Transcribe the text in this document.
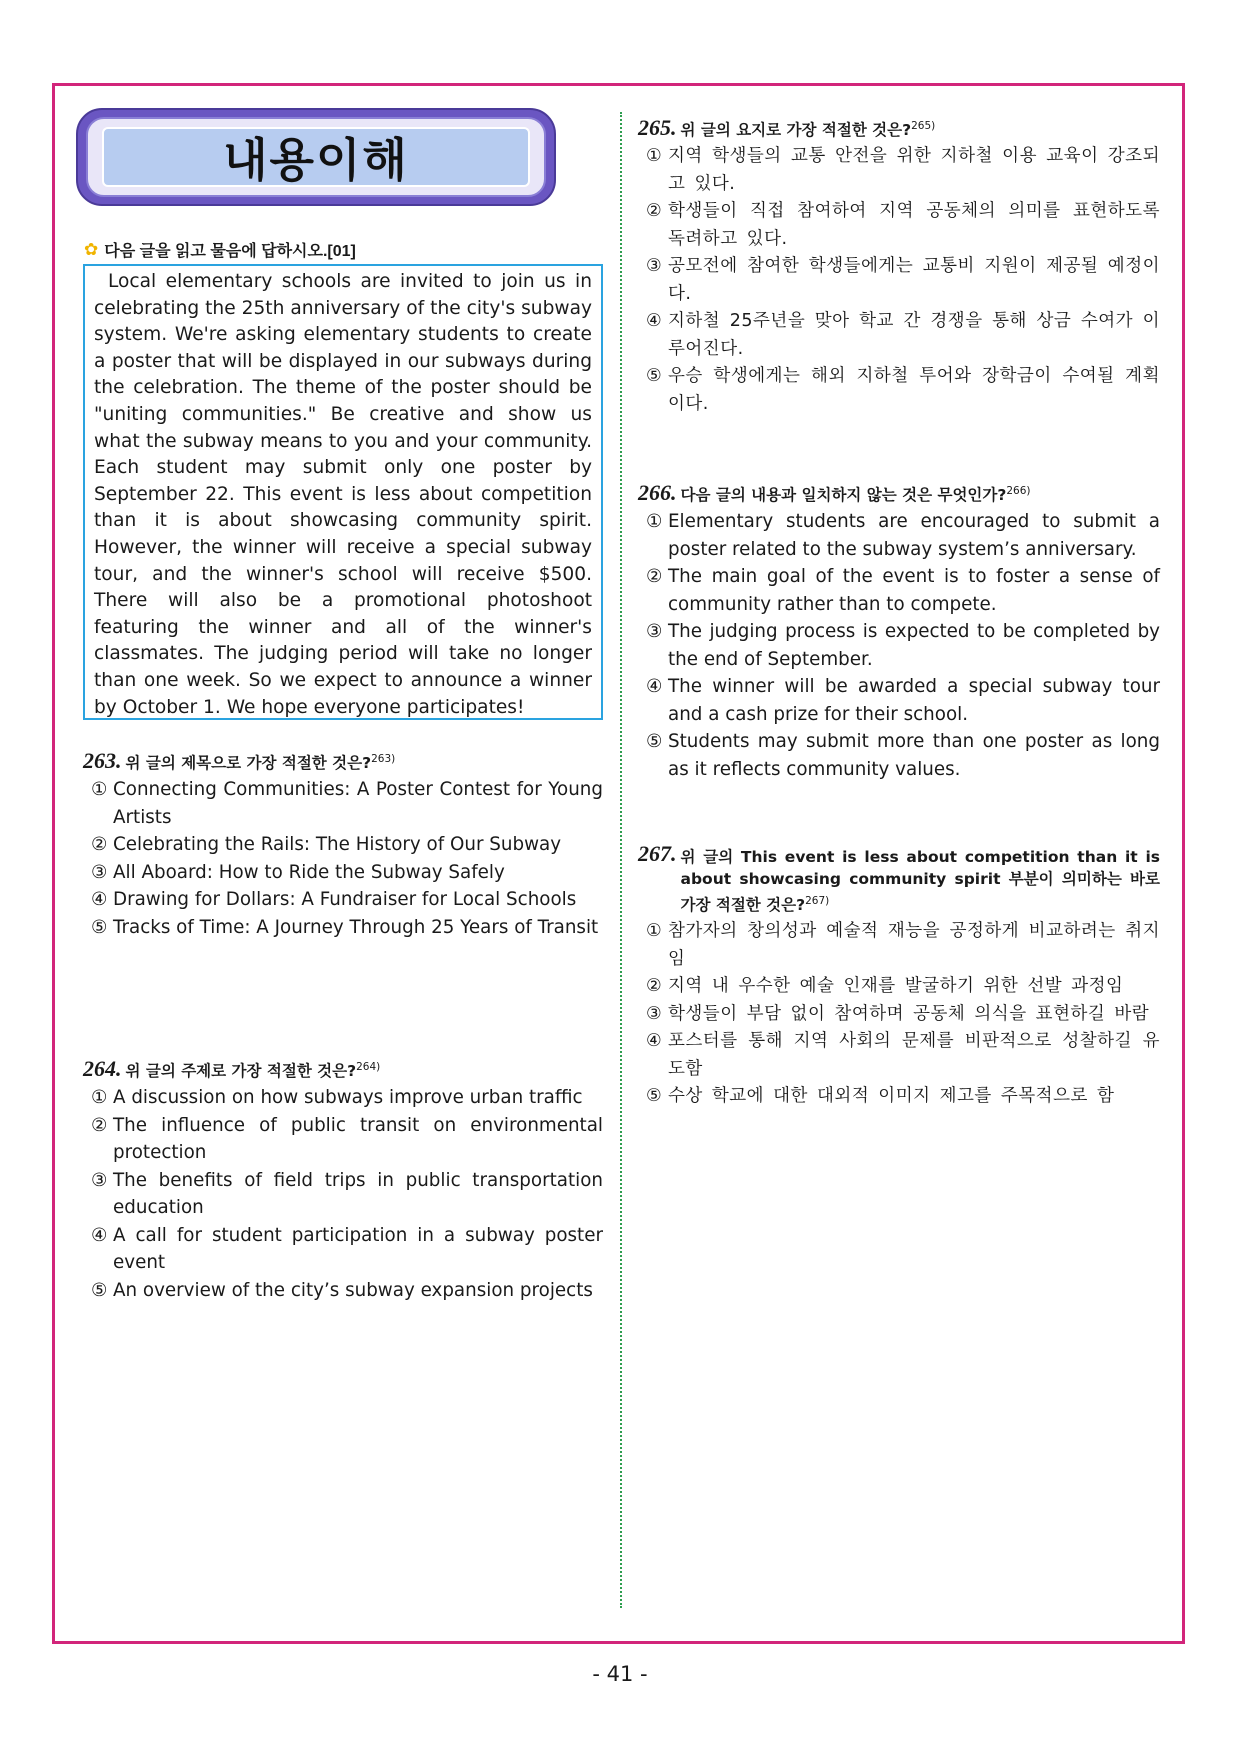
내용이해
✿ 다음 글을 읽고 물음에 답하시오.[01]
Local elementary schools are invited to join us in celebrating the 25th anniversary of the city's subway system. We're asking elementary students to create a poster that will be displayed in our subways during the celebration. The theme of the poster should be "uniting communities." Be creative and show us what the subway means to you and your community. Each student may submit only one poster by September 22. This event is less about competition than it is about showcasing community spirit. However, the winner will receive a special subway tour, and the winner's school will receive $500. There will also be a promotional photoshoot featuring the winner and all of the winner's classmates. The judging period will take no longer than one week. So we expect to announce a winner by October 1. We hope everyone participates!
263. 위 글의 제목으로 가장 적절한 것은?$^{263)}$
① Connecting Communities: A Poster Contest for Young Artists
② Celebrating the Rails: The History of Our Subway
③ All Aboard: How to Ride the Subway Safely
④ Drawing for Dollars: A Fundraiser for Local Schools
⑤ Tracks of Time: A Journey Through 25 Years of Transit
264. 위 글의 주제로 가장 적절한 것은?$^{264)}$
① A discussion on how subways improve urban traffic
② The influence of public transit on environmental protection
③ The benefits of field trips in public transportation education
④ A call for student participation in a subway poster event
⑤ An overview of the city’s subway expansion projects
265. 위 글의 요지로 가장 적절한 것은?$^{265)}$
① 지역 학생들의 교통 안전을 위한 지하철 이용 교육이 강조되고 있다.
② 학생들이 직접 참여하여 지역 공동체의 의미를 표현하도록 독려하고 있다.
③ 공모전에 참여한 학생들에게는 교통비 지원이 제공될 예정이다.
④ 지하철 25주년을 맞아 학교 간 경쟁을 통해 상금 수여가 이루어진다.
⑤ 우승 학생에게는 해외 지하철 투어와 장학금이 수여될 계획이다.
266. 다음 글의 내용과 일치하지 않는 것은 무엇인가?$^{266)}$
① Elementary students are encouraged to submit a poster related to the subway system’s anniversary.
② The main goal of the event is to foster a sense of community rather than to compete.
③ The judging process is expected to be completed by the end of September.
④ The winner will be awarded a special subway tour and a cash prize for their school.
⑤ Students may submit more than one poster as long as it reflects community values.
267. 위 글의 This event is less about competition than it is about showcasing community spirit 부분이 의미하는 바로 가장 적절한 것은?$^{267)}$
① 참가자의 창의성과 예술적 재능을 공정하게 비교하려는 취지임
② 지역 내 우수한 예술 인재를 발굴하기 위한 선발 과정임
③ 학생들이 부담 없이 참여하며 공동체 의식을 표현하길 바람
④ 포스터를 통해 지역 사회의 문제를 비판적으로 성찰하길 유도함
⑤ 수상 학교에 대한 대외적 이미지 제고를 주목적으로 함
- 41 -
